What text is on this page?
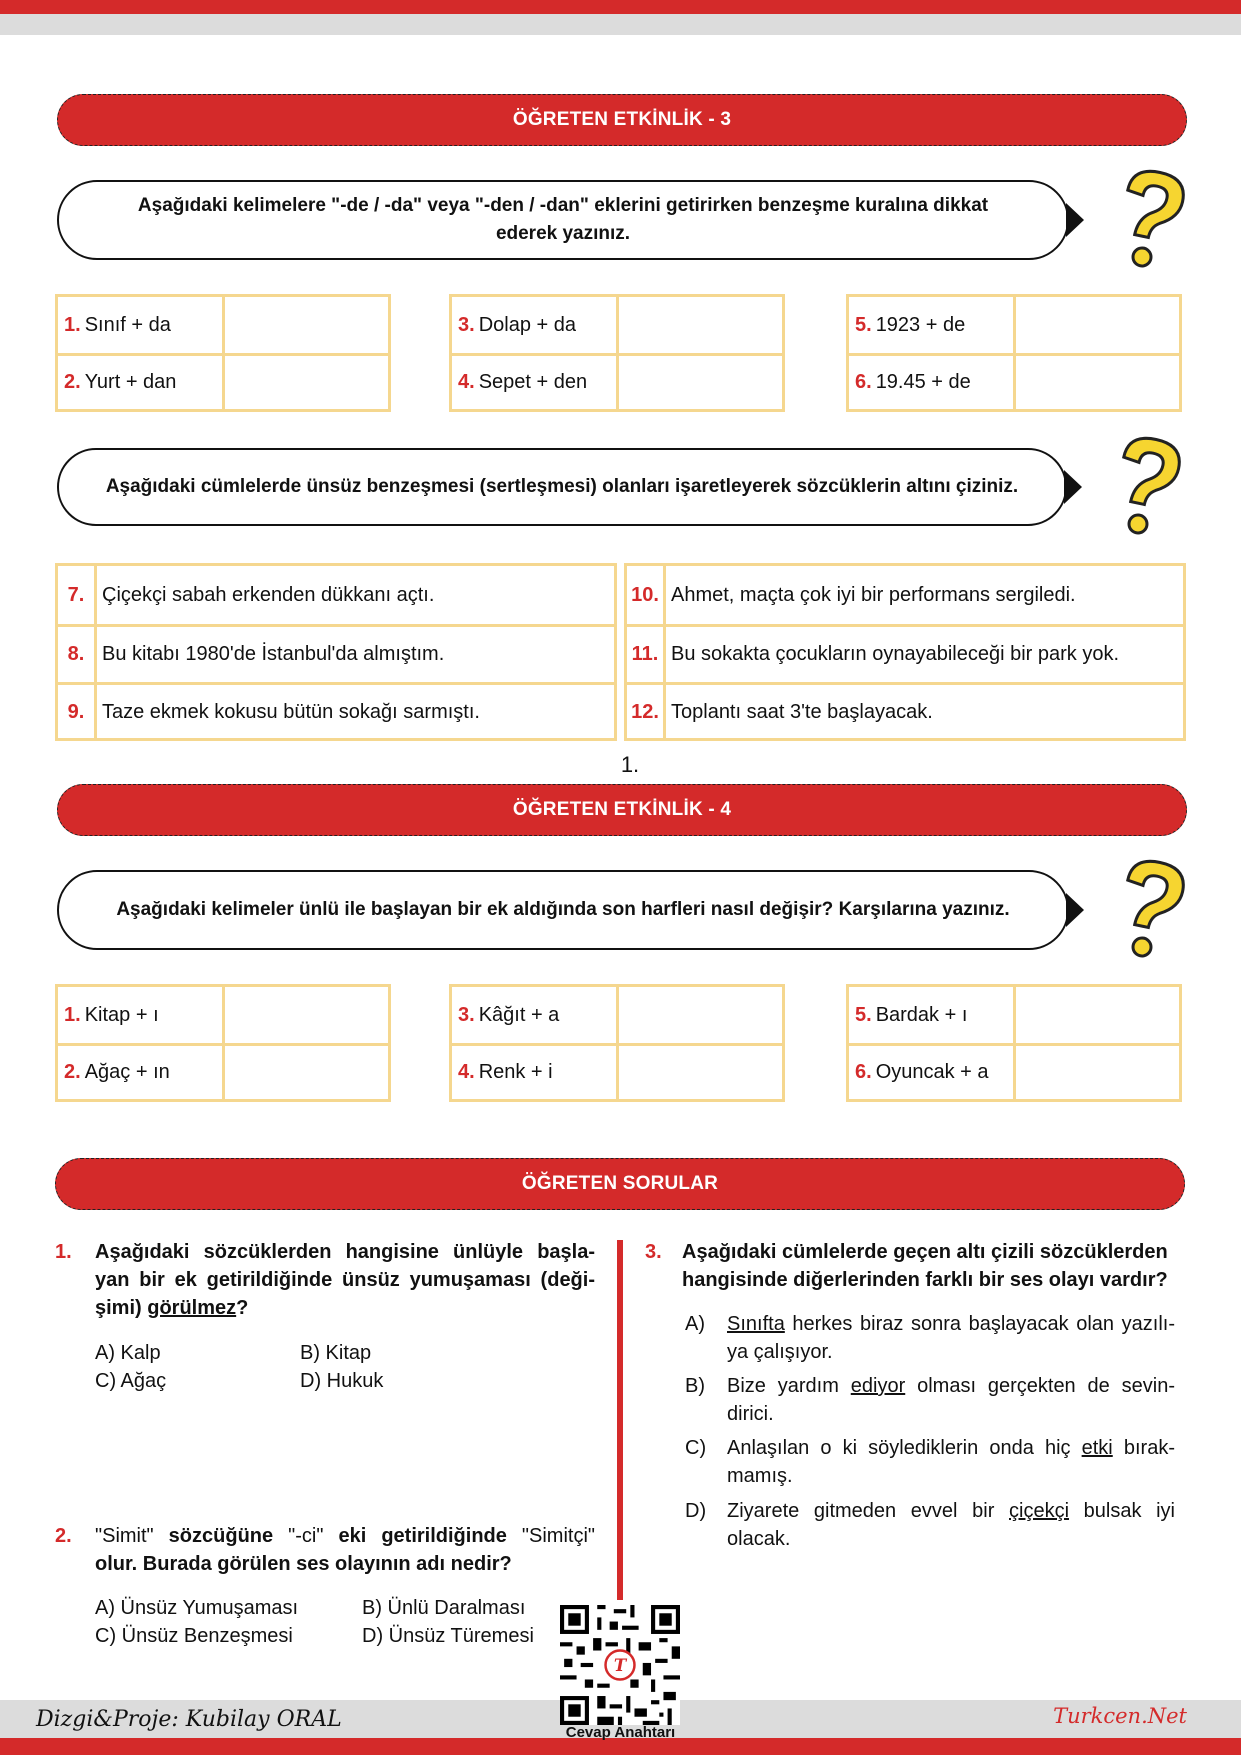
ÖĞRETEN ETKİNLİK - 3
Aşağıdaki kelimelere "-de / -da" veya "-den / -dan" eklerini getirirken benzeşme kuralına dikkat ederek yazınız.
1. Sınıf + da
2. Yurt + dan
3. Dolap + da
4. Sepet + den
5. 1923 + de
6. 19.45 + de
Aşağıdaki cümlelerde ünsüz benzeşmesi (sertleşmesi) olanları işaretleyerek sözcüklerin altını çiziniz.
7. Çiçekçi sabah erkenden dükkanı açtı.
8. Bu kitabı 1980'de İstanbul'da almıştım.
9. Taze ekmek kokusu bütün sokağı sarmıştı.
10. Ahmet, maçta çok iyi bir performans sergiledi.
11. Bu sokakta çocukların oynayabileceği bir park yok.
12. Toplantı saat 3'te başlayacak.
1.
ÖĞRETEN ETKİNLİK - 4
Aşağıdaki kelimeler ünlü ile başlayan bir ek aldığında son harfleri nasıl değişir? Karşılarına yazınız.
1. Kitap + ı
2. Ağaç + ın
3. Kâğıt + a
4. Renk + i
5. Bardak + ı
6. Oyuncak + a
ÖĞRETEN SORULAR
1. Aşağıdaki sözcüklerden hangisine ünlüyle başla-yan bir ek getirildiğinde ünsüz yumuşaması (deği-şimi) görülmez?
A) Kalp	B) Kitap
C) Ağaç	D) Hukuk
2. "Simit" sözcüğüne "-ci" eki getirildiğinde "Simitçi" olur. Burada görülen ses olayının adı nedir?
A) Ünsüz Yumuşaması	B) Ünlü Daralması
C) Ünsüz Benzeşmesi	D) Ünsüz Türemesi
3. Aşağıdaki cümlelerde geçen altı çizili sözcüklerden hangisinde diğerlerinden farklı bir ses olayı vardır?
A) Sınıfta herkes biraz sonra başlayacak olan yazılı-ya çalışıyor.
B) Bize yardım ediyor olması gerçekten de sevin-dirici.
C) Anlaşılan o ki söylediklerin onda hiç etki bırak-mamış.
D) Ziyarete gitmeden evvel bir çiçekçi bulsak iyi olacak.
Dizgi&Proje: Kubilay ORAL	Turkcen.Net
T
Cevap Anahtarı
